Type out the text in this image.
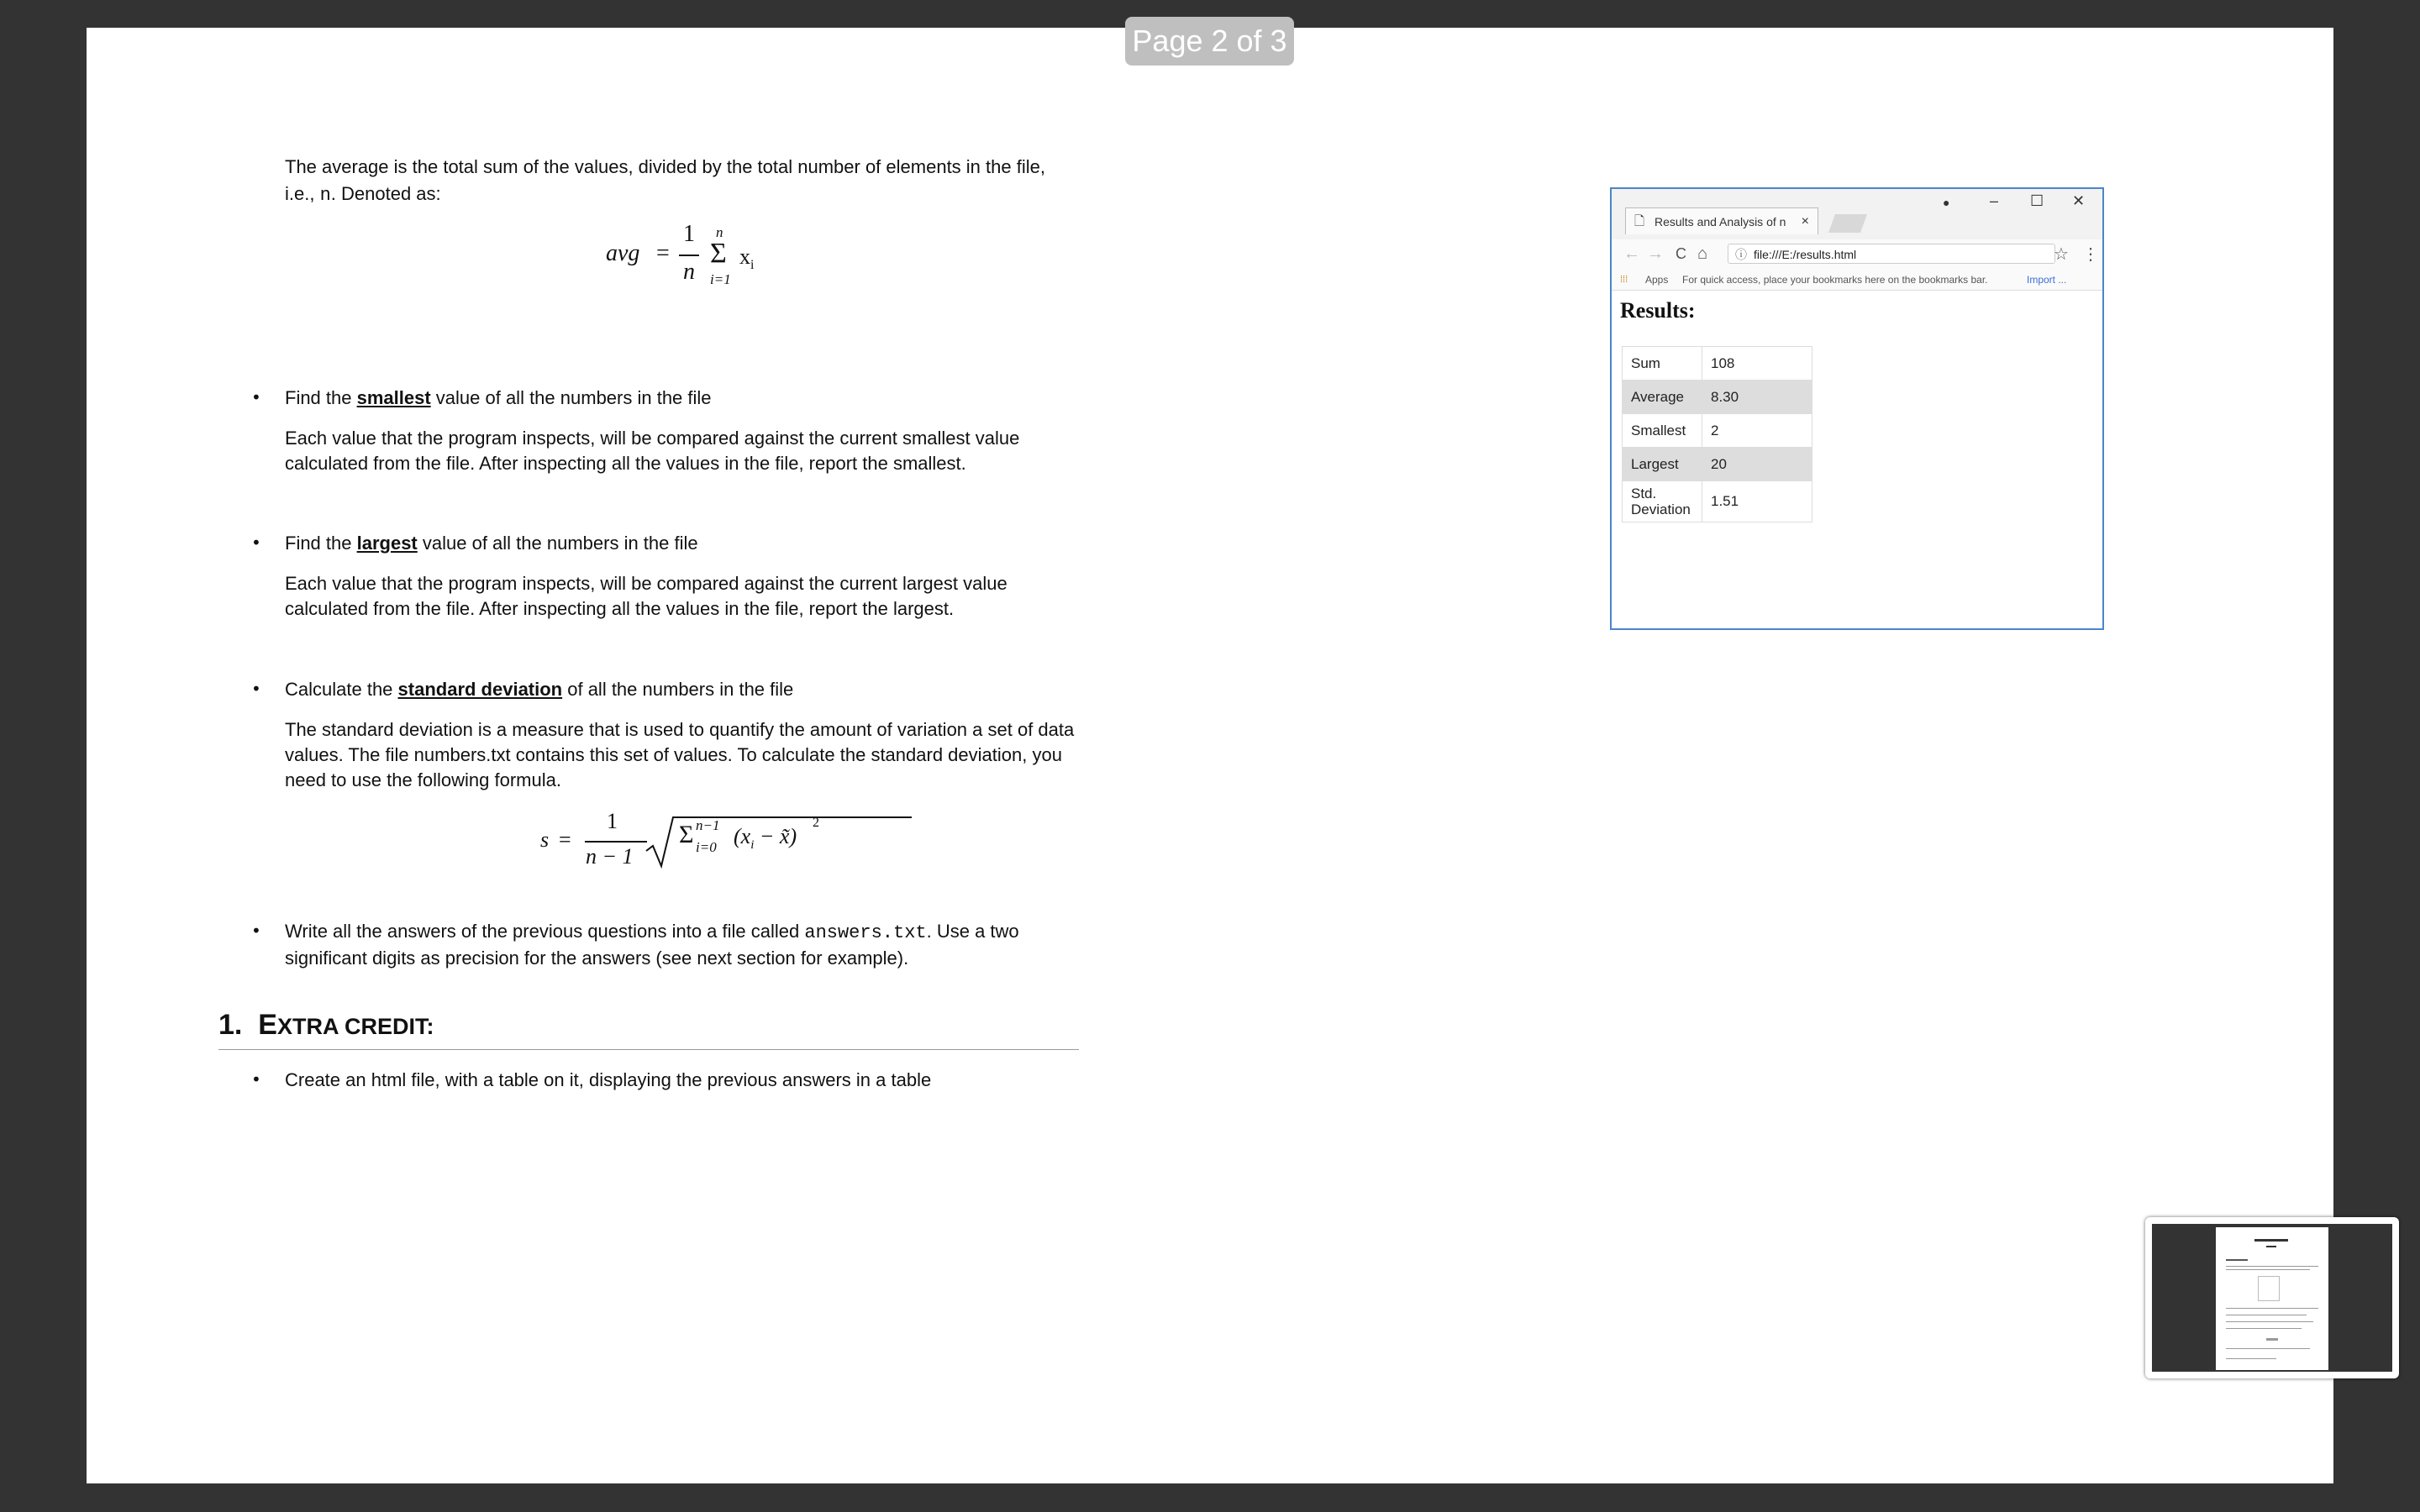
The average is the total sum of the values, divided by the total number of elements in the file,

i.e., n. Denoted as:

avg =
1
n
n
Σ
i=1
$x_i$
• Find the smallest value of all the numbers in the file

Each value that the program inspects, will be compared against the current smallest value

calculated from the file. After inspecting all the values in the file, report the smallest.

• Find the largest value of all the numbers in the file

Each value that the program inspects, will be compared against the current largest value

calculated from the file. After inspecting all the values in the file, report the largest.

• Calculate the standard deviation of all the numbers in the file

The standard deviation is a measure that is used to quantify the amount of variation a set of data

values. The file numbers.txt contains this set of values. To calculate the standard deviation, you

need to use the following formula.

s =
1
n − 1
Σ n−1
i=0 ($x_i$ − x̃)
2
• Write all the answers of the previous questions into a file called answers.txt. Use a two

significant digits as precision for the answers (see next section for example).

1. EXTRA CREDIT:
• Create an html file, with a table on it, displaying the previous answers in a table

🗋 Results and Analysis of n ×
●	– ☐ ✕
← → C ⌂ ⓘ file:///E:/results.html	☆ ⋮
⁞⁞⁞ Apps For quick access, place your bookmarks here on the bookmarks bar.	Import ...
Results:
Sum	108
Average	8.30
Smallest	2
Largest	20
Std.
Deviation	1.51
Page 2 of 3
